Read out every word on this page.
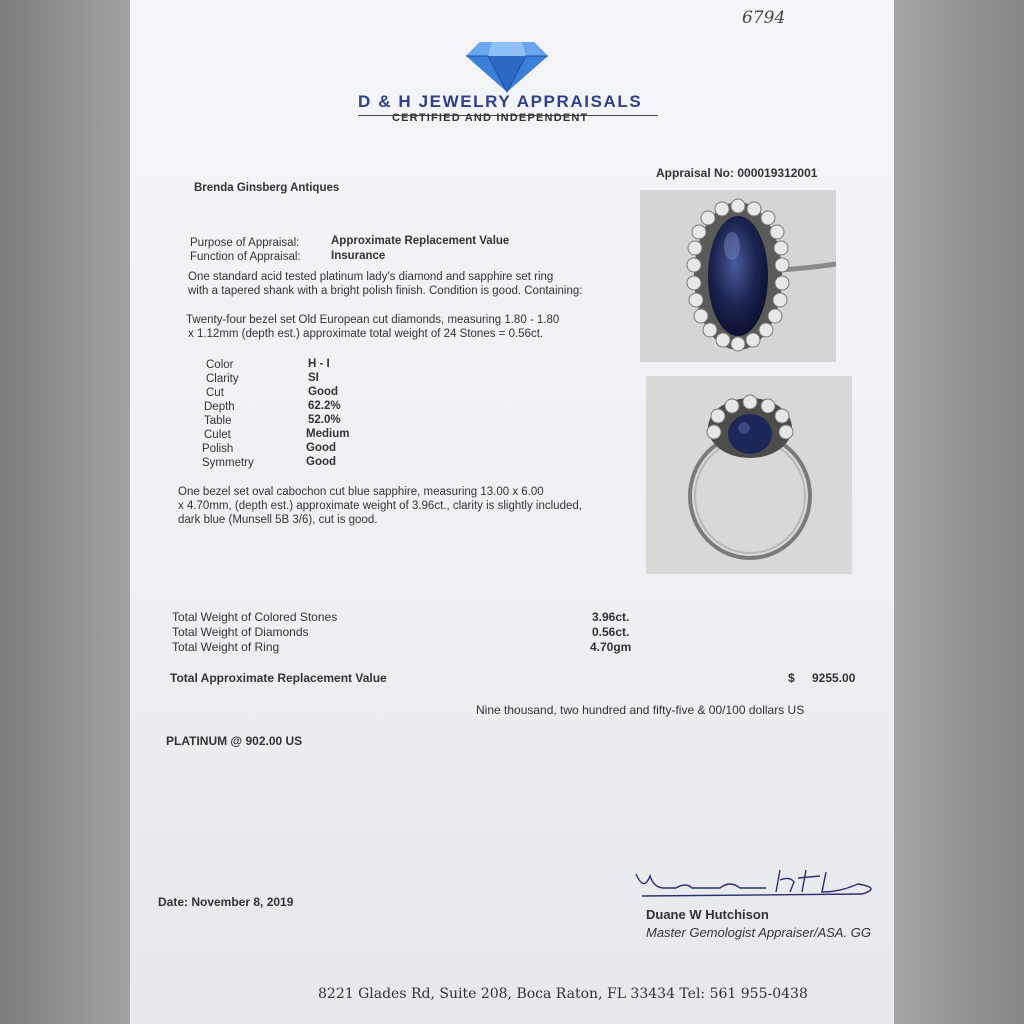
6794
D & H JEWELRY APPRAISALS
CERTIFIED AND INDEPENDENT
Appraisal No: 000019312001
Brenda Ginsberg Antiques
Purpose of Appraisal:	Approximate Replacement Value
Function of Appraisal:	Insurance
One standard acid tested platinum lady's diamond and sapphire set ring
with a tapered shank with a bright polish finish. Condition is good. Containing:
Twenty-four bezel set Old European cut diamonds, measuring 1.80 - 1.80
x 1.12mm (depth est.) approximate total weight of 24 Stones = 0.56ct.
Color	H - I
Clarity	SI
Cut	Good
Depth	62.2%
Table	52.0%
Culet	Medium
Polish	Good
Symmetry	Good
One bezel set oval cabochon cut blue sapphire, measuring 13.00 x 6.00
x 4.70mm, (depth est.) approximate weight of 3.96ct., clarity is slightly included,
dark blue (Munsell 5B 3/6), cut is good.
Total Weight of Colored Stones	3.96ct.
Total Weight of Diamonds	0.56ct.
Total Weight of Ring	4.70gm
Total Approximate Replacement Value	$ 9255.00
Nine thousand, two hundred and fifty-five & 00/100 dollars US
PLATINUM @ 902.00 US
Date: November 8, 2019
Duane W Hutchison
Master Gemologist Appraiser/ASA. GG
8221 Glades Rd, Suite 208, Boca Raton, FL 33434 Tel: 561 955-0438
